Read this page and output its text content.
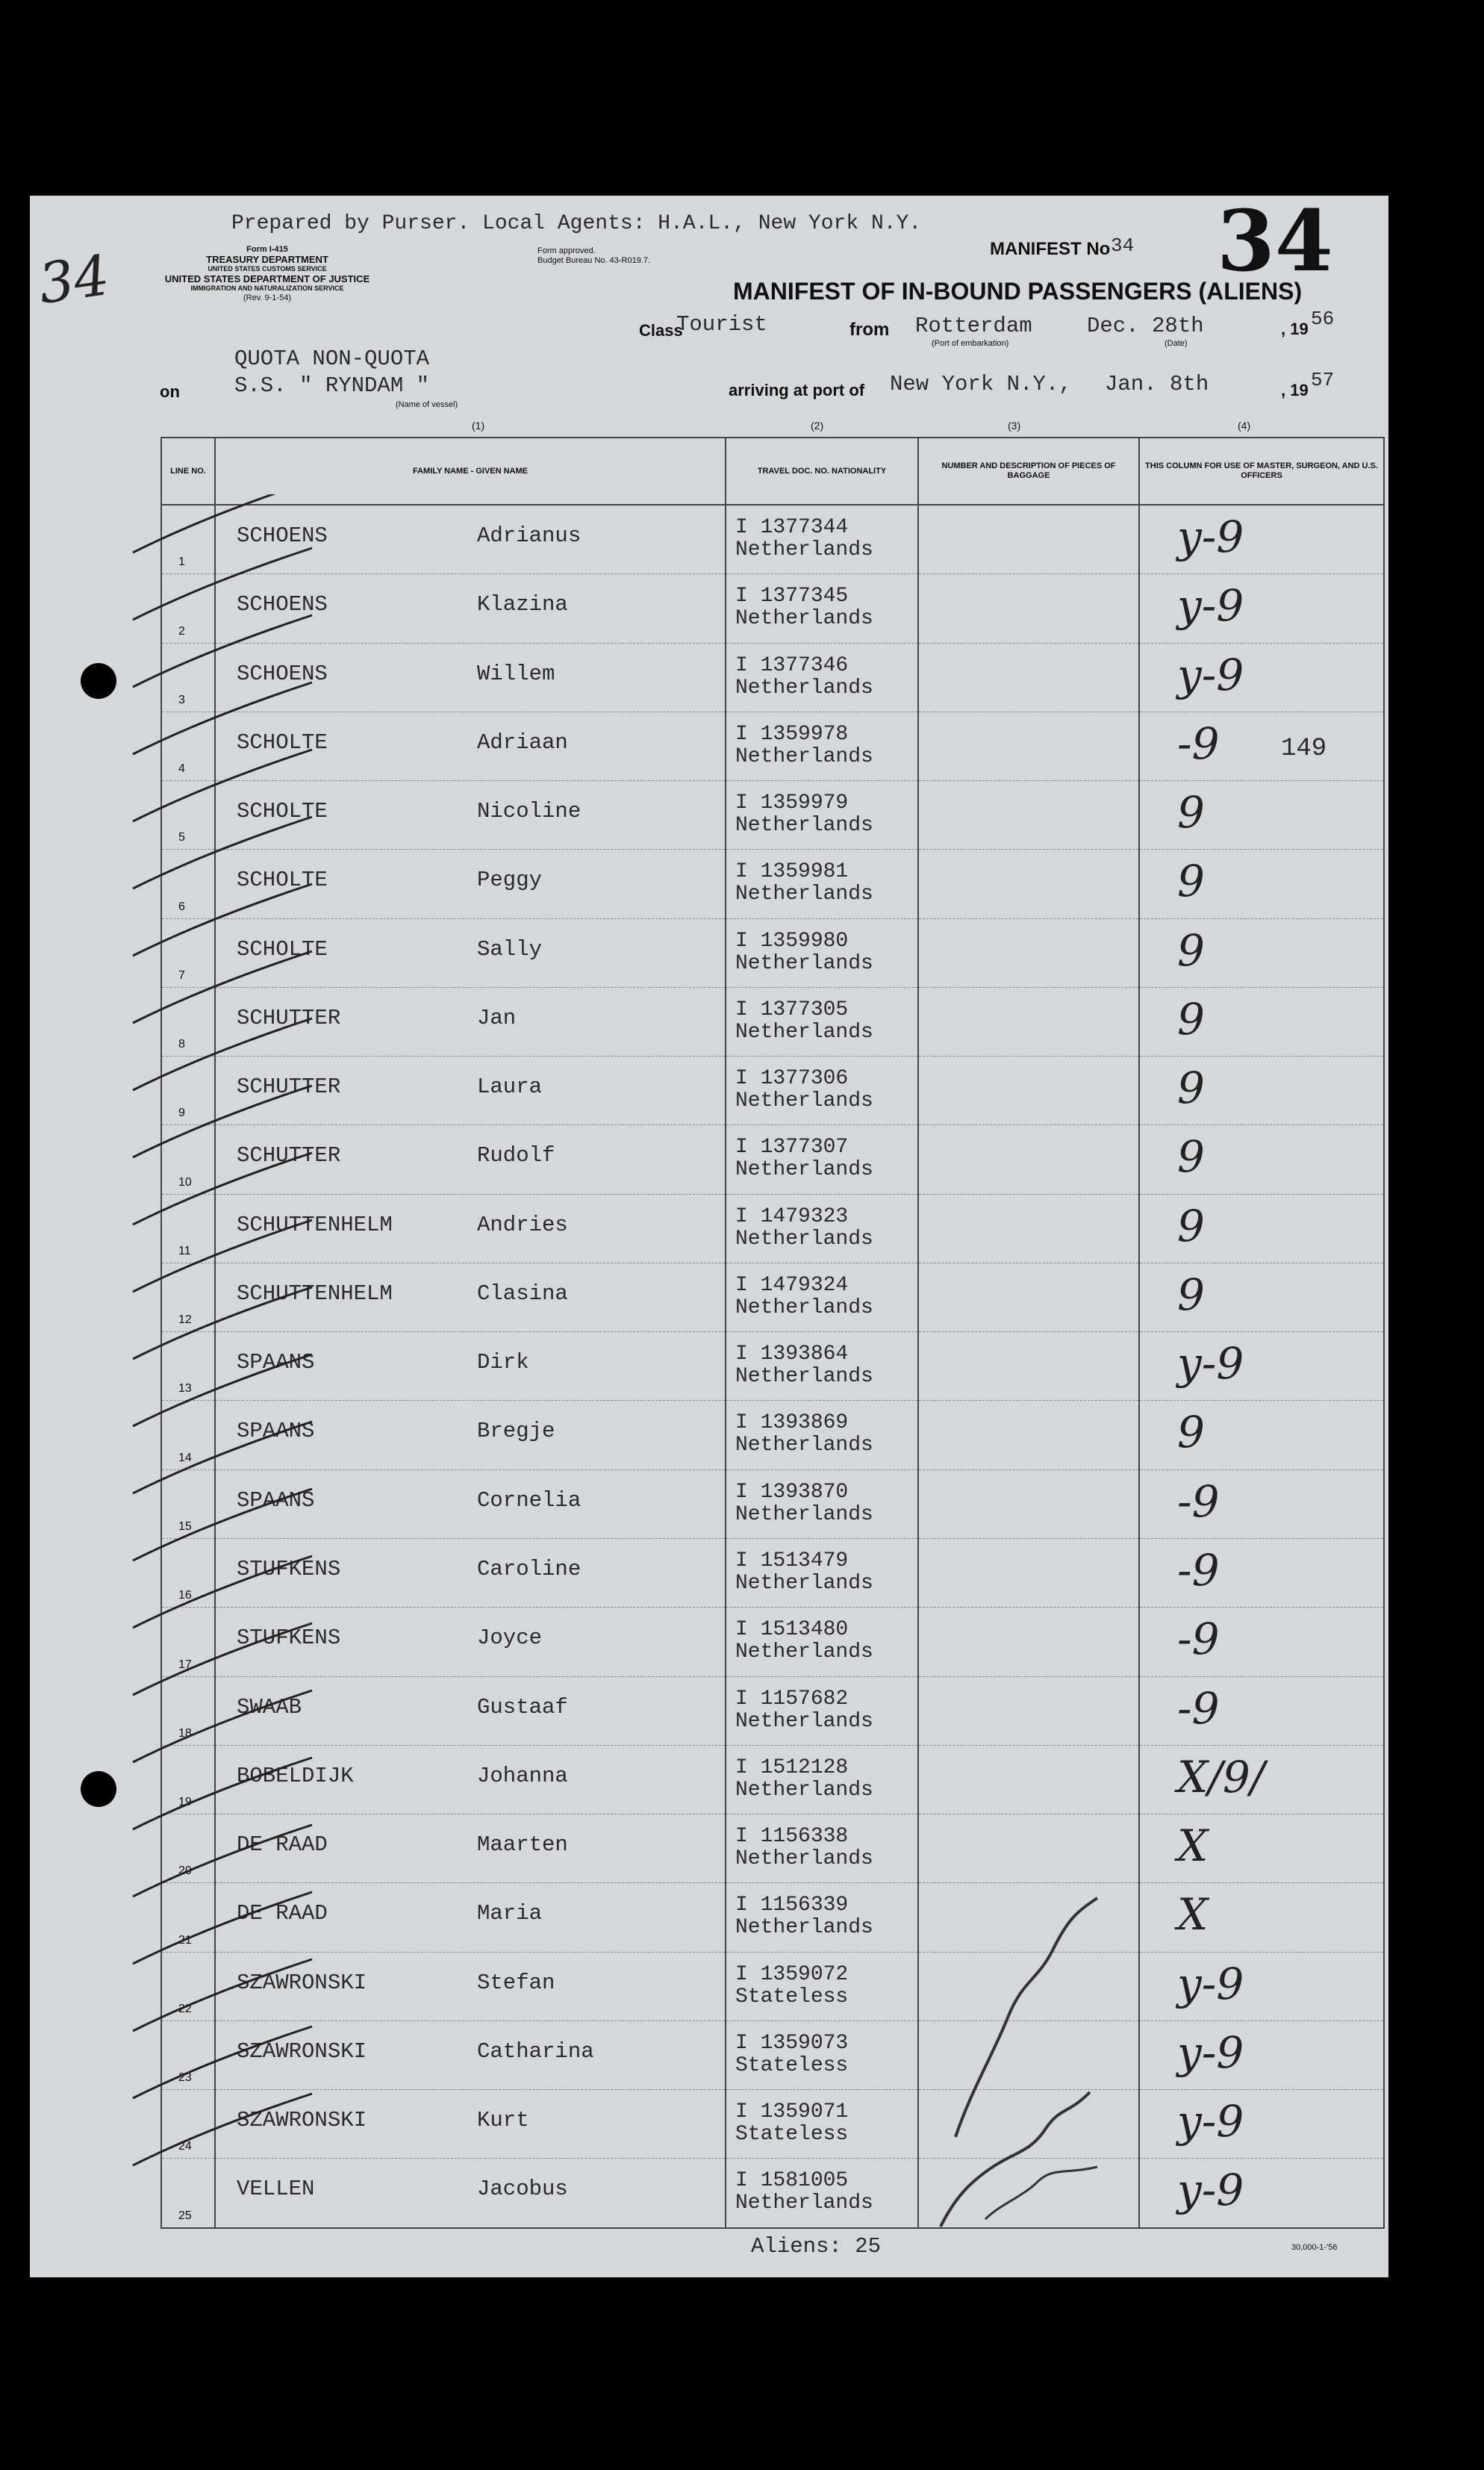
Prepared by Purser. Local Agents: H.A.L., New York N.Y.
34	Form I-415
TREASURY DEPARTMENT
UNITED STATES CUSTOMS SERVICE
UNITED STATES DEPARTMENT OF JUSTICE
IMMIGRATION AND NATURALIZATION SERVICE
(Rev. 9-1-54)
Form approved.
Budget Bureau No. 43-R019.7.
MANIFEST No 34 34
MANIFEST OF IN-BOUND PASSENGERS (ALIENS)
Class
Tourist	from Rotterdam	Dec. 28th	, 19 56
(Port of embarkation)	(Date)
QUOTA NON-QUOTA
on	S.S. " RYNDAM "
(Name of vessel)
arriving at port of New York N.Y., Jan. 8th	, 19 57
(1)	(2)	(3)	(4)
LINE NO.	FAMILY NAME - GIVEN NAME	TRAVEL DOC. NO. NATIONALITY	NUMBER AND DESCRIPTION OF PIECES OF BAGGAGE	THIS COLUMN FOR USE OF MASTER, SURGEON, AND U.S. OFFICERS

1	SCHOENS Adrianus	I 1377344
Netherlands		y-9

2	SCHOENS Klazina	I 1377345
Netherlands		y-9

3	SCHOENS Willem	I 1377346
Netherlands		y-9

4	SCHOLTE Adriaan	I 1359978
Netherlands		-9

5	SCHOLTE Nicoline	I 1359979
Netherlands		9

6	SCHOLTE Peggy	I 1359981
Netherlands		9

7	SCHOLTE Sally	I 1359980
Netherlands		9

8	SCHUTTER Jan	I 1377305
Netherlands		9

9	SCHUTTER Laura	I 1377306
Netherlands		9

10	SCHUTTER Rudolf	I 1377307
Netherlands		9

11	SCHUTTENHELM Andries	I 1479323
Netherlands		9

12	SCHUTTENHELM Clasina	I 1479324
Netherlands		9

13	SPAANS Dirk	I 1393864
Netherlands		y-9

14	SPAANS Bregje	I 1393869
Netherlands		9

15	SPAANS Cornelia	I 1393870
Netherlands		-9

16	STUFKENS Caroline	I 1513479
Netherlands		-9

17	STUFKENS Joyce	I 1513480
Netherlands		-9

18	SWAAB Gustaaf	I 1157682
Netherlands		-9

19	BOBELDIJK Johanna	I 1512128
Netherlands		X/9/

20	DE RAAD Maarten	I 1156338
Netherlands		X

21	DE RAAD Maria	I 1156339
Netherlands		X

22	SZAWRONSKI Stefan	I 1359072
Stateless		y-9

23	SZAWRONSKI Catharina	I 1359073
Stateless		y-9

24	SZAWRONSKI Kurt	I 1359071
Stateless		y-9

25	VELLEN Jacobus	I 1581005
Netherlands		y-9
149
Aliens: 25	30,000-1-'56
